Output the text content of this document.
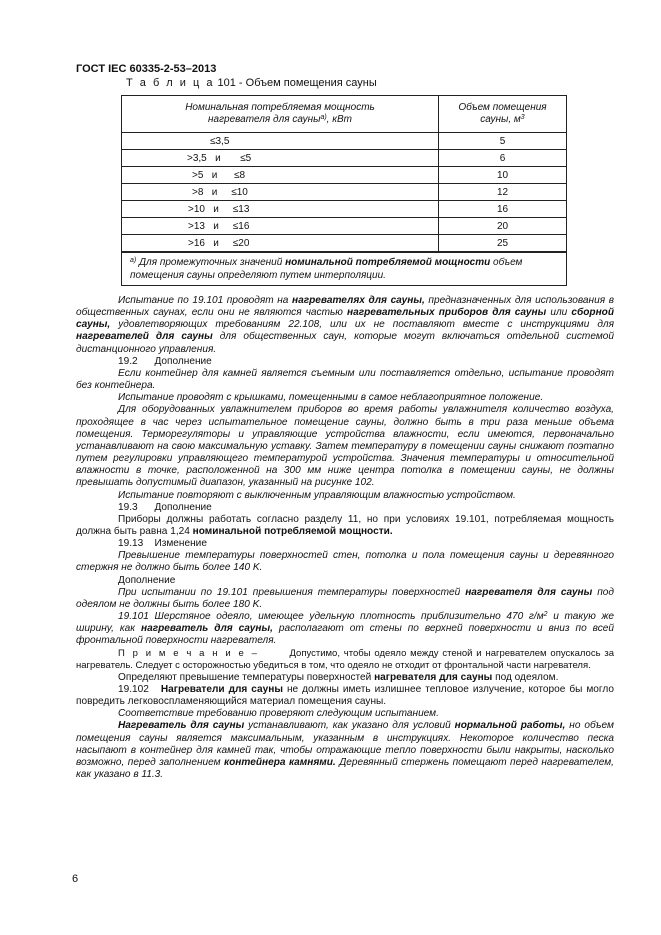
ГОСТ IEC 60335-2-53–2013
Т а б л и ц а 101 - Объем помещения сауны
Номинальная потребляемая мощность
нагревателя для сауны$^{a)}$, кВт	Объем помещения сауны, $м^3$
≤3,5	5
>3,5   и       ≤5	6
>5   и      ≤8	10
>8   и     ≤10	12
>10   и     ≤13	16
>13   и     ≤16	20
>16   и     ≤20	25
$^{a)}$ Для промежуточных значений номинальной потребляемой мощности объем помещения сауны определяют путем интерполяции.	

Испытание по 19.101 проводят на нагревателях для сауны, предназначенных для использования в общественных саунах, если они не являются частью нагревательных приборов для сауны или сборной сауны, удовлетворяющих требованиям 22.108, или их не поставляют вместе с инструкциями для нагревателей для сауны для общественных саун, которые могут включаться отдельной системой дистанционного управления.

19.2      Дополнение

Если контейнер для камней является съемным или поставляется отдельно, испытание проводят без контейнера.

Испытание проводят с крышками, помещенными в самое неблагоприятное положение.

Для оборудованных увлажнителем приборов во время работы увлажнителя количество воздуха, проходящее в час через испытательное помещение сауны, должно быть в три раза меньше объема помещения. Терморегуляторы и управляющие устройства влажности, если имеются, первоначально устанавливают на свою максимальную уставку. Затем температуру в помещении сауны снижают поэтапно путем регулировки управляющего температурой устройства. Значения температуры и относительной влажности в точке, расположенной на 300 мм ниже центра потолка в помещении сауны, не должны превышать допустимый диапазон, указанный на рисунке 102.

Испытание повторяют с выключенным управляющим влажностью устройством.

19.3      Дополнение

Приборы должны работать согласно разделу 11, но при условиях 19.101, потребляемая мощность должна быть равна 1,24 номинальной потребляемой мощности.

19.13    Изменение

Превышение температуры поверхностей стен, потолка и пола помещения сауны и деревянного стержня не должно быть более 140 K.

Дополнение

При испытании по 19.101 превышения температуры поверхностей нагревателя для сауны под одеялом не должны быть более 180 K.

19.101 Шерстяное одеяло, имеющее удельную плотность приблизительно 470 $г/м^2$ и такую же ширину, как нагреватель для сауны, располагают от стены по верхней поверхности и вниз по всей фронтальной поверхности нагревателя.

П р и м е ч а н и е –        Допустимо, чтобы одеяло между стеной и нагревателем опускалось за нагреватель. Следует с осторожностью убедиться в том, что одеяло не отходит от фронтальной части нагревателя.

Определяют превышение температуры поверхностей нагревателя для сауны под одеялом.

19.102   Нагреватели для сауны не должны иметь излишнее тепловое излучение, которое бы могло повредить легковоспламеняющийся материал помещения сауны.

Соответствие требованию проверяют следующим испытанием.

Нагреватель для сауны устанавливают, как указано для условий нормальной работы, но объем помещения сауны является максимальным, указанным в инструкциях. Некоторое количество песка насыпают в контейнер для камней так, чтобы отражающие тепло поверхности были накрыты, насколько возможно, перед заполнением контейнера камнями. Деревянный стержень помещают перед нагревателем, как указано в 11.3.

6
